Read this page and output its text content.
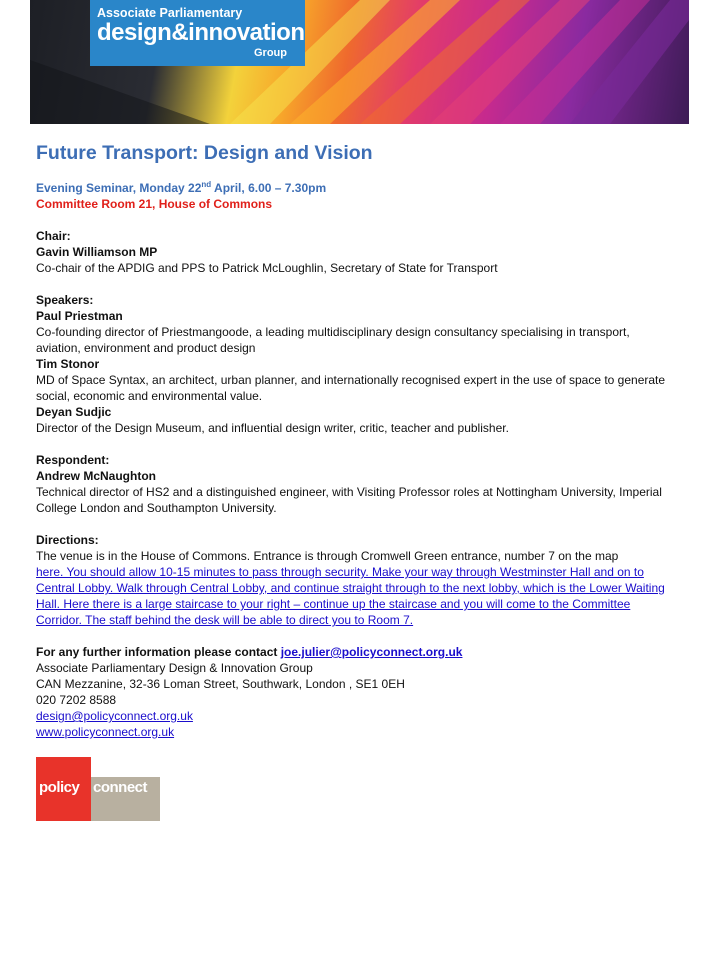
Associate Parliamentary
design&innovation
Group
Future Transport: Design and Vision

Evening Seminar, Monday 22nd April, 6.00 – 7.30pm

Committee Room 21, House of Commons

Chair:

Gavin Williamson MP

Co-chair of the APDIG and PPS to Patrick McLoughlin, Secretary of State for Transport

Speakers:

Paul Priestman

Co-founding director of Priestmangoode, a leading multidisciplinary design consultancy specialising in transport,

aviation, environment and product design

Tim Stonor

MD of Space Syntax, an architect, urban planner, and internationally recognised expert in the use of space to generate

social, economic and environmental value.

Deyan Sudjic

Director of the Design Museum, and influential design writer, critic, teacher and publisher.

Respondent:

Andrew McNaughton

Technical director of HS2 and a distinguished engineer, with Visiting Professor roles at Nottingham University, Imperial

College London and Southampton University.

Directions:

The venue is in the House of Commons. Entrance is through Cromwell Green entrance, number 7 on the map

here. You should allow 10-15 minutes to pass through security. Make your way through Westminster Hall and on to

Central Lobby. Walk through Central Lobby, and continue straight through to the next lobby, which is the Lower Waiting

Hall. Here there is a large staircase to your right – continue up the staircase and you will come to the Committee

Corridor. The staff behind the desk will be able to direct you to Room 7.

For any further information please contact joe.julier@policyconnect.org.uk

Associate Parliamentary Design & Innovation Group

CAN Mezzanine, 32-36 Loman Street, Southwark, London , SE1 0EH

020 7202 8588

design@policyconnect.org.uk

www.policyconnect.org.uk

policy connect
